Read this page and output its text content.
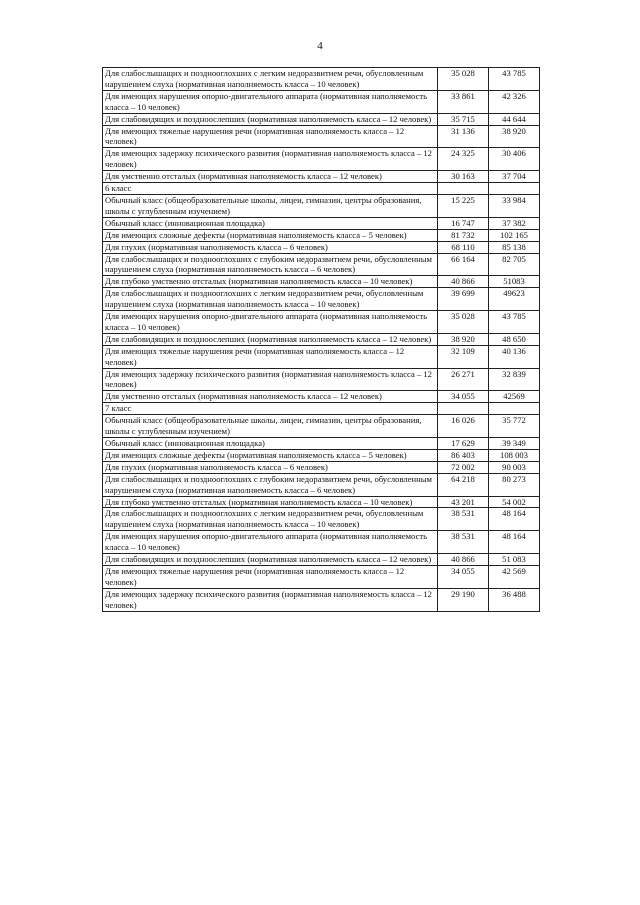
4
Для слабослышащих и позднооглохших с легким недоразвитием речи, обусловленным нарушением слуха (нормативная наполняемость класса – 10 человек)	35 028	43 785
Для имеющих нарушения опорно-двигательного аппарата (нормативная наполняемость класса – 10 человек)	33 861	42 326
Для слабовидящих и поздноослепших (нормативная наполняемость класса – 12 человек)	35 715	44 644
Для имеющих тяжелые нарушения речи (нормативная наполняемость класса – 12 человек)	31 136	38 920
Для имеющих задержку психического развития (нормативная наполняемость класса – 12 человек)	24 325	30 406
Для умственно отсталых (нормативная наполняемость класса – 12 человек)	30 163	37 704
6 класс		
Обычный класс (общеобразовательные школы, лицеи, гимназии, центры образования, школы с углубленным изучением)	15 225	33 984
Обычный класс (инновационная площадка)	16 747	37 382
Для имеющих сложные дефекты (нормативная наполняемость класса – 5 человек)	81 732	102 165
Для глухих (нормативная наполняемость класса – 6 человек)	68 110	85 138
Для слабослышащих и позднооглохших с глубоким недоразвитием речи, обусловленным нарушением слуха (нормативная наполняемость класса – 6 человек)	66 164	82 705
Для глубоко умственно отсталых (нормативная наполняемость класса – 10 человек)	40 866	51083
Для слабослышащих и позднооглохших с легким недоразвитием речи, обусловленным нарушением слуха (нормативная наполняемость класса – 10 человек)	39 699	49623
Для имеющих нарушения опорно-двигательного аппарата (нормативная наполняемость класса – 10 человек)	35 028	43 785
Для слабовидящих и поздноослепших (нормативная наполняемость класса – 12 человек)	38 920	48 650
Для имеющих тяжелые нарушения речи (нормативная наполняемость класса – 12 человек)	32 109	40 136
Для имеющих задержку психического развития (нормативная наполняемость класса – 12 человек)	26 271	32 839
Для умственно отсталых (нормативная наполняемость класса – 12 человек)	34 055	42569
7 класс		
Обычный класс (общеобразовательные школы, лицеи, гимназии, центры образования, школы с углубленным изучением)	16 026	35 772
Обычный класс (инновационная площадка)	17 629	39 349
Для имеющих сложные дефекты (нормативная наполняемость класса – 5 человек)	86 403	108 003
Для глухих (нормативная наполняемость класса – 6 человек)	72 002	90 003
Для слабослышащих и позднооглохших с глубоким недоразвитием речи, обусловленным нарушением слуха (нормативная наполняемость класса – 6 человек)	64 218	80 273
Для глубоко умственно отсталых (нормативная наполняемость класса – 10 человек)	43 201	54 002
Для слабослышащих и позднооглохших с легким недоразвитием речи, обусловленным нарушением слуха (нормативная наполняемость класса – 10 человек)	38 531	48 164
Для имеющих нарушения опорно-двигательного аппарата (нормативная наполняемость класса – 10 человек)	38 531	48 164
Для слабовидящих и поздноослепших (нормативная наполняемость класса – 12 человек)	40 866	51 083
Для имеющих тяжелые нарушения речи (нормативная наполняемость класса – 12 человек)	34 055	42 569
Для имеющих задержку психического развития (нормативная наполняемость класса – 12 человек)	29 190	36 488
